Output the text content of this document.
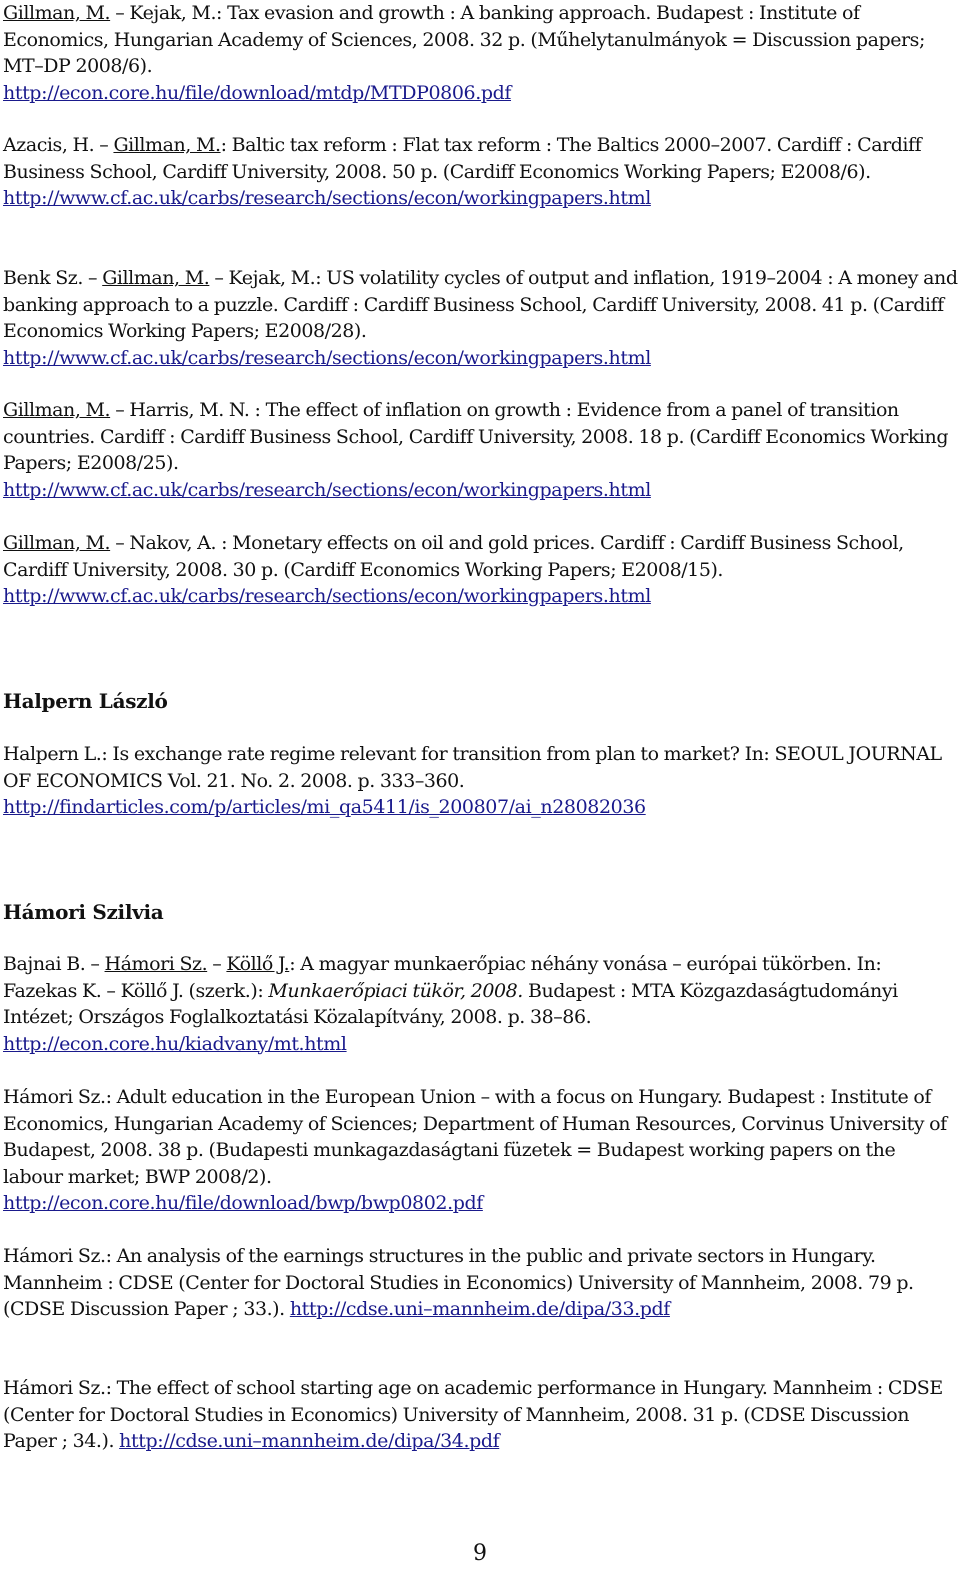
Gillman, M. – Kejak, M.: Tax evasion and growth : A banking approach. Budapest : Institute of Economics, Hungarian Academy of Sciences, 2008. 32 p. (Műhelytanulmányok = Discussion papers; MT–DP 2008/6).
http://econ.core.hu/file/download/mtdp/MTDP0806.pdf
Azacis, H. – Gillman, M.: Baltic tax reform : Flat tax reform : The Baltics 2000–2007. Cardiff : Cardiff Business School, Cardiff University, 2008. 50 p. (Cardiff Economics Working Papers; E2008/6).
http://www.cf.ac.uk/carbs/research/sections/econ/workingpapers.html
Benk Sz. – Gillman, M. – Kejak, M.: US volatility cycles of output and inflation, 1919–2004 : A money and banking approach to a puzzle. Cardiff : Cardiff Business School, Cardiff University, 2008. 41 p. (Cardiff Economics Working Papers; E2008/28).
http://www.cf.ac.uk/carbs/research/sections/econ/workingpapers.html
Gillman, M. – Harris, M. N. : The effect of inflation on growth : Evidence from a panel of transition countries. Cardiff : Cardiff Business School, Cardiff University, 2008. 18 p. (Cardiff Economics Working Papers; E2008/25).
http://www.cf.ac.uk/carbs/research/sections/econ/workingpapers.html
Gillman, M. – Nakov, A. : Monetary effects on oil and gold prices. Cardiff : Cardiff Business School, Cardiff University, 2008. 30 p. (Cardiff Economics Working Papers; E2008/15).
http://www.cf.ac.uk/carbs/research/sections/econ/workingpapers.html
Halpern László
Halpern L.: Is exchange rate regime relevant for transition from plan to market? In: SEOUL JOURNAL OF ECONOMICS Vol. 21. No. 2. 2008. p. 333–360.
http://findarticles.com/p/articles/mi_qa5411/is_200807/ai_n28082036
Hámori Szilvia
Bajnai B. – Hámori Sz. – Köllő J.: A magyar munkaerőpiac néhány vonása – európai tükörben. In: Fazekas K. – Köllő J. (szerk.): Munkaerőpiaci tükör, 2008. Budapest : MTA Közgazdaságtudományi Intézet; Országos Foglalkoztatási Közalapítvány, 2008. p. 38–86.
http://econ.core.hu/kiadvany/mt.html
Hámori Sz.: Adult education in the European Union – with a focus on Hungary. Budapest : Institute of Economics, Hungarian Academy of Sciences; Department of Human Resources, Corvinus University of Budapest, 2008. 38 p. (Budapesti munkagazdaságtani füzetek = Budapest working papers on the labour market; BWP 2008/2).
http://econ.core.hu/file/download/bwp/bwp0802.pdf
Hámori Sz.: An analysis of the earnings structures in the public and private sectors in Hungary. Mannheim : CDSE (Center for Doctoral Studies in Economics) University of Mannheim, 2008. 79 p. (CDSE Discussion Paper ; 33.). http://cdse.uni–mannheim.de/dipa/33.pdf
Hámori Sz.: The effect of school starting age on academic performance in Hungary. Mannheim : CDSE (Center for Doctoral Studies in Economics) University of Mannheim, 2008. 31 p. (CDSE Discussion Paper ; 34.). http://cdse.uni–mannheim.de/dipa/34.pdf
9
